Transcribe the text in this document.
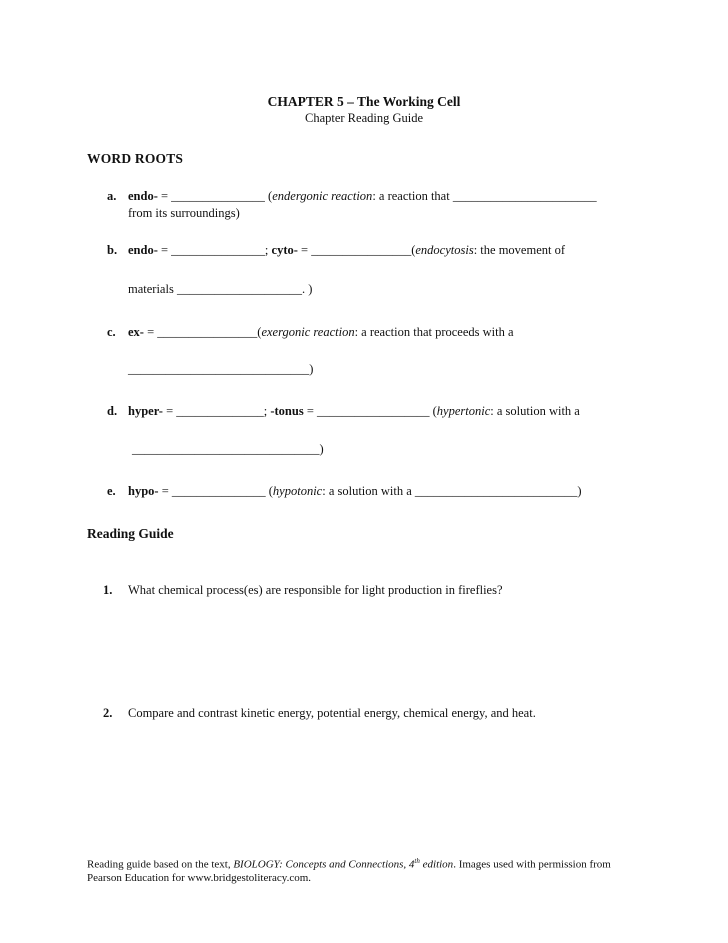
CHAPTER 5 – The Working Cell
Chapter Reading Guide
WORD ROOTS
a. endo- = _______________ (endergonic reaction: a reaction that _______________________
from its surroundings)
b. endo- = _______________; cyto- = ________________(endocytosis: the movement of
materials ____________________. )
c. ex- = ________________(exergonic reaction: a reaction that proceeds with a
_____________________________)
d. hyper- = ______________; -tonus = __________________ (hypertonic: a solution with a
______________________________)
e. hypo- = _______________ (hypotonic: a solution with a __________________________)
Reading Guide
1. What chemical process(es) are responsible for light production in fireflies?
2. Compare and contrast kinetic energy, potential energy, chemical energy, and heat.
Reading guide based on the text, BIOLOGY: Concepts and Connections, 4th edition. Images used with permission from
Pearson Education for www.bridgestoliteracy.com.
